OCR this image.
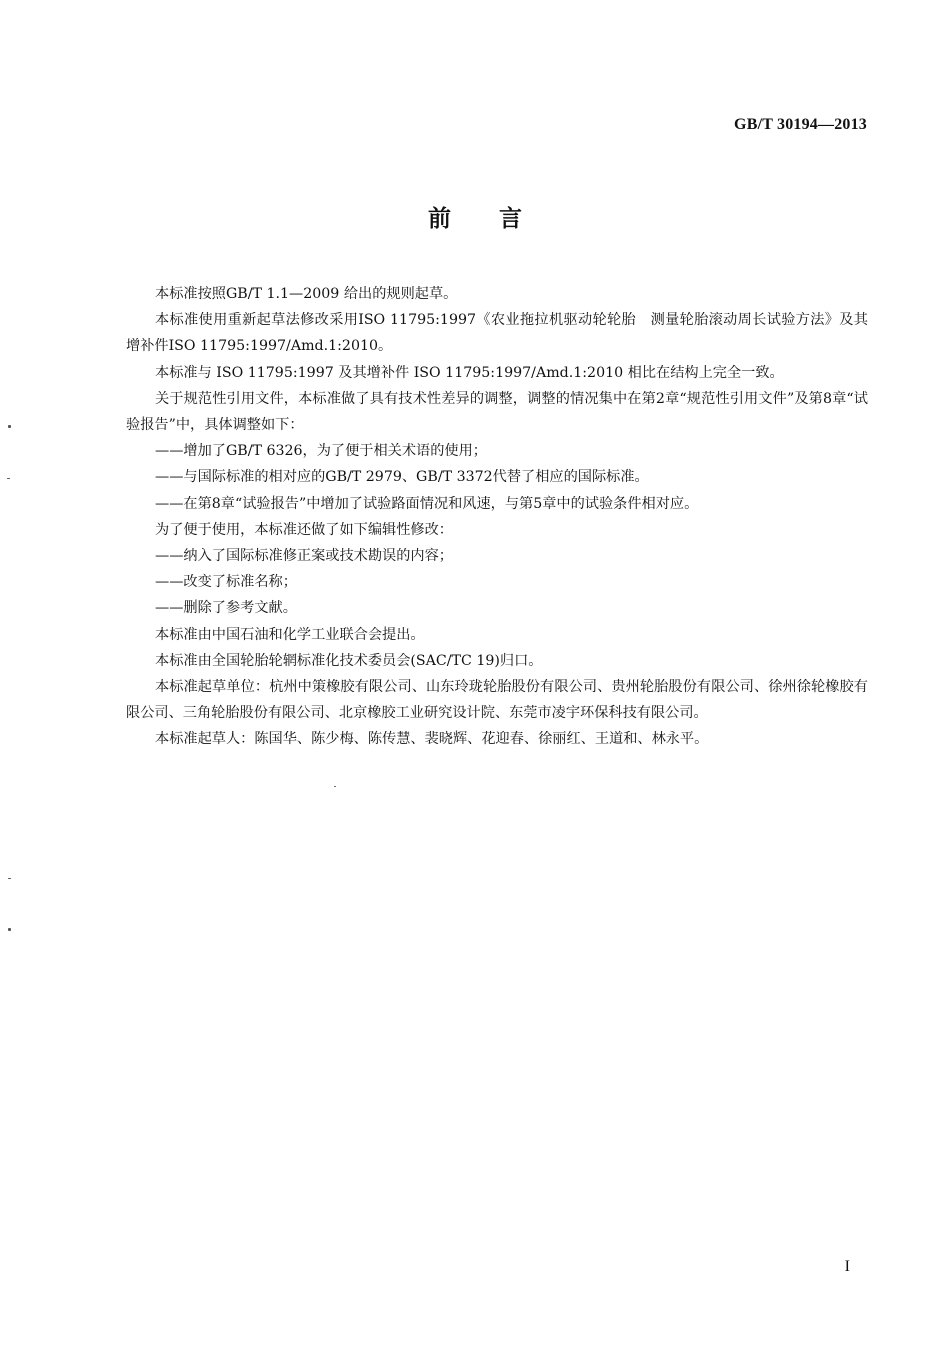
GB/T 30194—2013
前言

本标准按照GB/T 1.1—2009 给出的规则起草。

本标准使用重新起草法修改采用ISO 11795:1997《农业拖拉机驱动轮轮胎　测量轮胎滚动周长试验方法》及其增补件ISO 11795:1997/Amd.1:2010。

本标准与 ISO 11795:1997 及其增补件 ISO 11795:1997/Amd.1:2010 相比在结构上完全一致。

关于规范性引用文件，本标准做了具有技术性差异的调整，调整的情况集中在第2章“规范性引用文件”及第8章“试验报告”中，具体调整如下：

——增加了GB/T 6326，为了便于相关术语的使用；

——与国际标准的相对应的GB/T 2979、GB/T 3372代替了相应的国际标准。

——在第8章“试验报告”中增加了试验路面情况和风速，与第5章中的试验条件相对应。

为了便于使用，本标准还做了如下编辑性修改：

——纳入了国际标准修正案或技术勘误的内容；

——改变了标准名称；

——删除了参考文献。

本标准由中国石油和化学工业联合会提出。

本标准由全国轮胎轮辋标准化技术委员会(SAC/TC 19)归口。

本标准起草单位：杭州中策橡胶有限公司、山东玲珑轮胎股份有限公司、贵州轮胎股份有限公司、徐州徐轮橡胶有限公司、三角轮胎股份有限公司、北京橡胶工业研究设计院、东莞市凌宇环保科技有限公司。

本标准起草人：陈国华、陈少梅、陈传慧、裴晓辉、花迎春、徐丽红、王道和、林永平。

I
